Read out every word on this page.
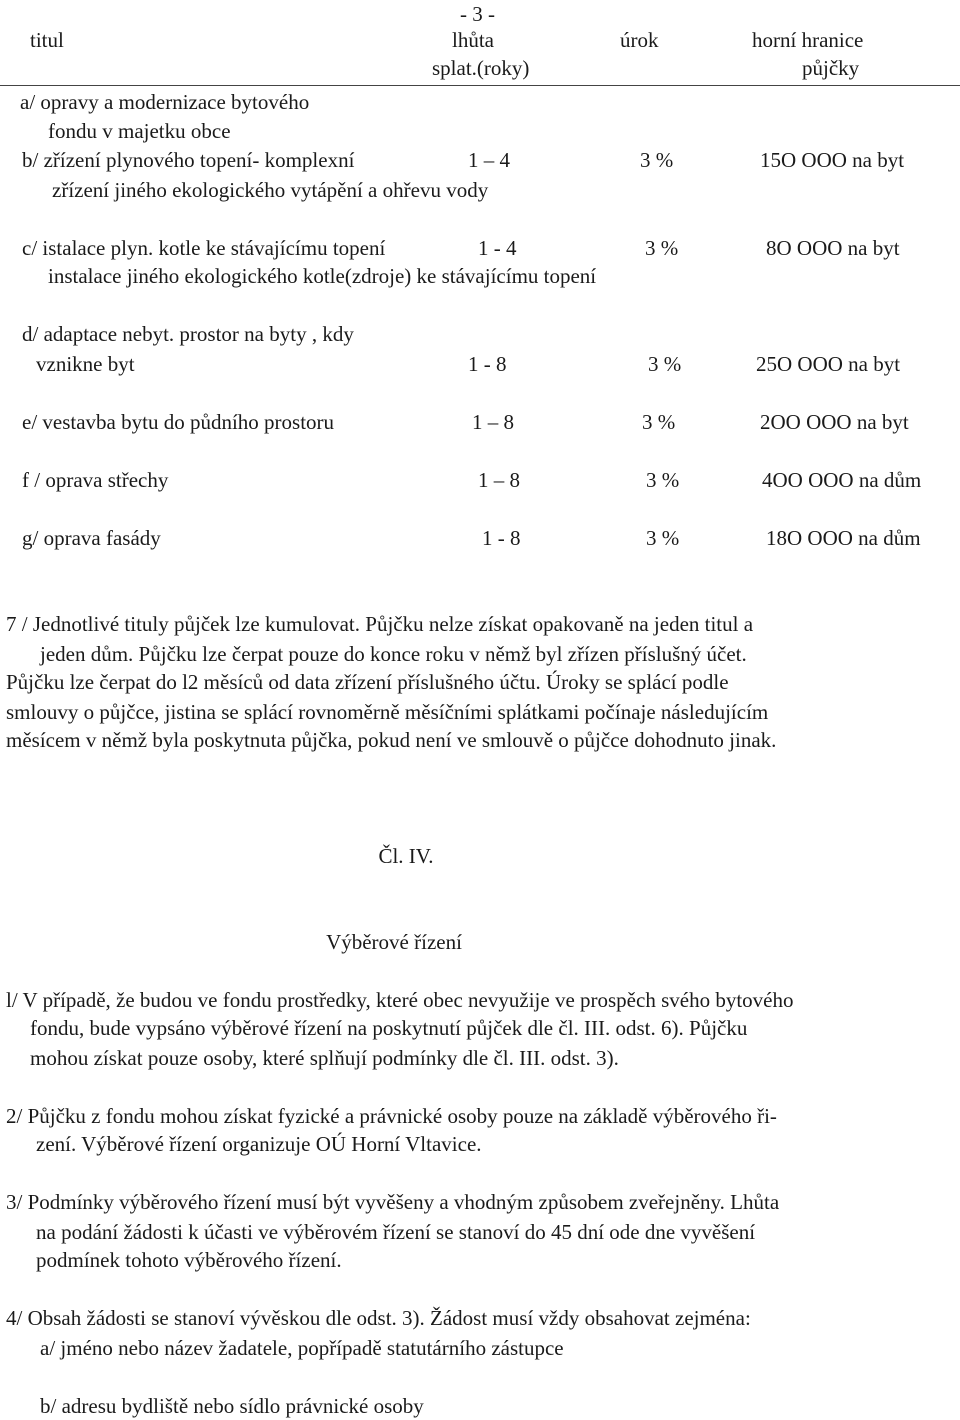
- 3 -
titul	lhůta
splat.(roky)
úrok	horní hranice
půjčky
a/ opravy a modernizace bytového
fondu v majetku obce
b/ zřízení plynového topení- komplexní	1 – 4	3 %	15O OOO na byt
zřízení jiného ekologického vytápění a ohřevu vody
c/ istalace plyn. kotle ke stávajícímu topení	1 - 4	3 %	8O OOO na byt
instalace jiného ekologického kotle(zdroje) ke stávajícímu topení
d/ adaptace nebyt. prostor na byty , kdy
vznikne byt	1 - 8	3 %	25O OOO na byt
e/ vestavba bytu do půdního prostoru	1 – 8	3 %	2OO OOO na byt
f / oprava střechy	1 – 8	3 %	4OO OOO na dům
g/ oprava fasády	1 - 8	3 %	18O OOO na dům
7 / Jednotlivé tituly půjček lze kumulovat. Půjčku nelze získat opakovaně na jeden titul a
jeden dům. Půjčku lze čerpat pouze do konce roku v němž byl zřízen příslušný účet.
Půjčku lze čerpat do l2 měsíců od data zřízení příslušného účtu. Úroky se splácí podle
smlouvy o půjčce, jistina se splácí rovnoměrně měsíčními splátkami počínaje následujícím
měsícem v němž byla poskytnuta půjčka, pokud není ve smlouvě o půjčce dohodnuto jinak.
Čl. IV.
Výběrové řízení
l/ V případě, že budou ve fondu prostředky, které obec nevyužije ve prospěch svého bytového
fondu, bude vypsáno výběrové řízení na poskytnutí půjček dle čl. III. odst. 6). Půjčku
mohou získat pouze osoby, které splňují podmínky dle čl. III. odst. 3).
2/ Půjčku z fondu mohou získat fyzické a právnické osoby pouze na základě výběrového ři-
zení. Výběrové řízení organizuje OÚ Horní Vltavice.
3/ Podmínky výběrového řízení musí být vyvěšeny a vhodným způsobem zveřejněny. Lhůta
na podání žádosti k účasti ve výběrovém řízení se stanoví do 45 dní ode dne vyvěšení
podmínek tohoto výběrového řízení.
4/ Obsah žádosti se stanoví vývěskou dle odst. 3). Žádost musí vždy obsahovat zejména:
a/ jméno nebo název žadatele, popřípadě statutárního zástupce
b/ adresu bydliště nebo sídlo právnické osoby
